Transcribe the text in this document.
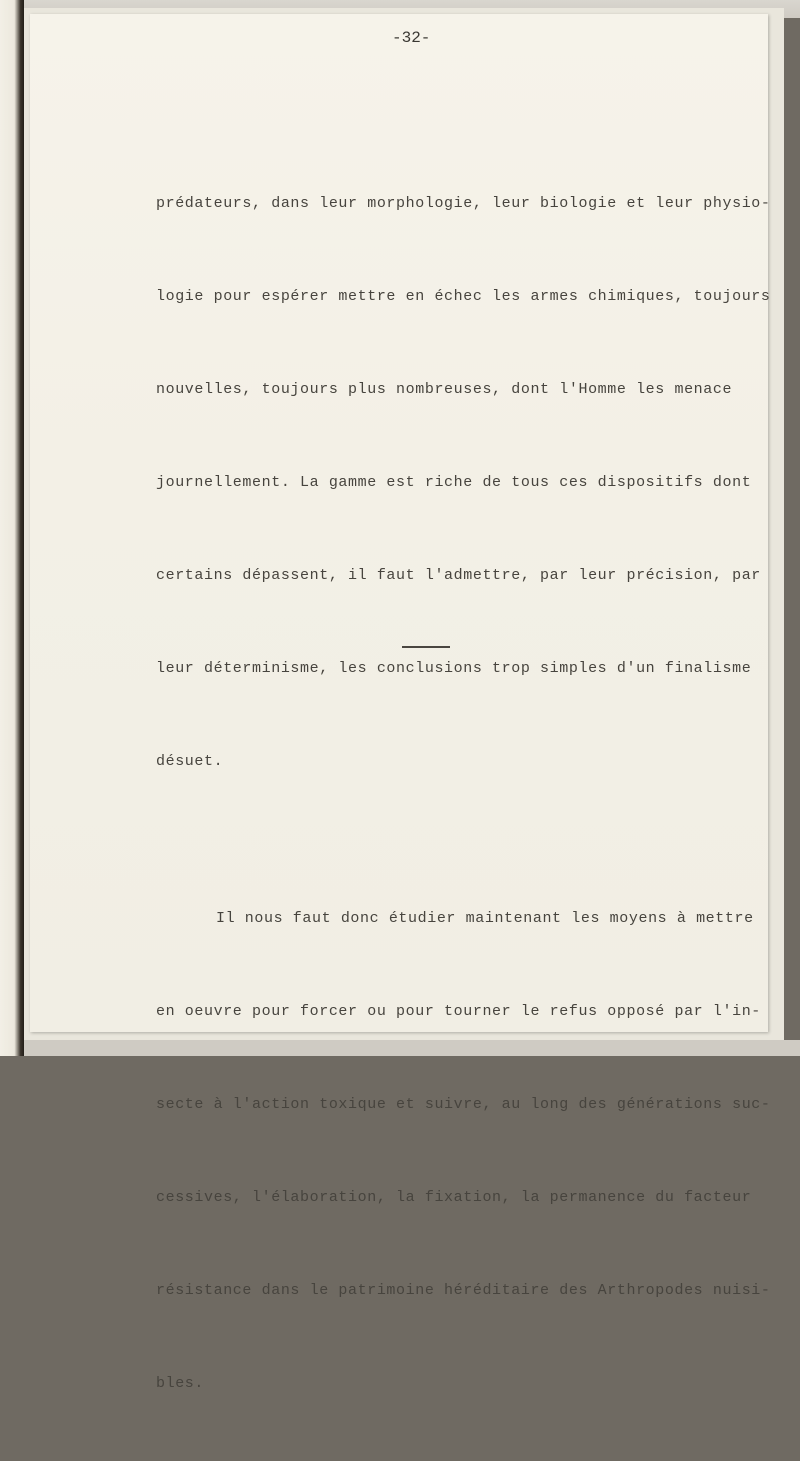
-32-

prédateurs, dans leur morphologie, leur biologie et leur physio-

logie pour espérer mettre en échec les armes chimiques, toujours

nouvelles, toujours plus nombreuses, dont l'Homme les menace

journellement. La gamme est riche de tous ces dispositifs dont

certains dépassent, il faut l'admettre, par leur précision, par

leur déterminisme, les conclusions trop simples d'un finalisme

désuet.

Il nous faut donc étudier maintenant les moyens à mettre

en oeuvre pour forcer ou pour tourner le refus opposé par l'in-

secte à l'action toxique et suivre, au long des générations suc-

cessives, l'élaboration, la fixation, la permanence du facteur

résistance dans le patrimoine héréditaire des Arthropodes nuisi-

bles.
